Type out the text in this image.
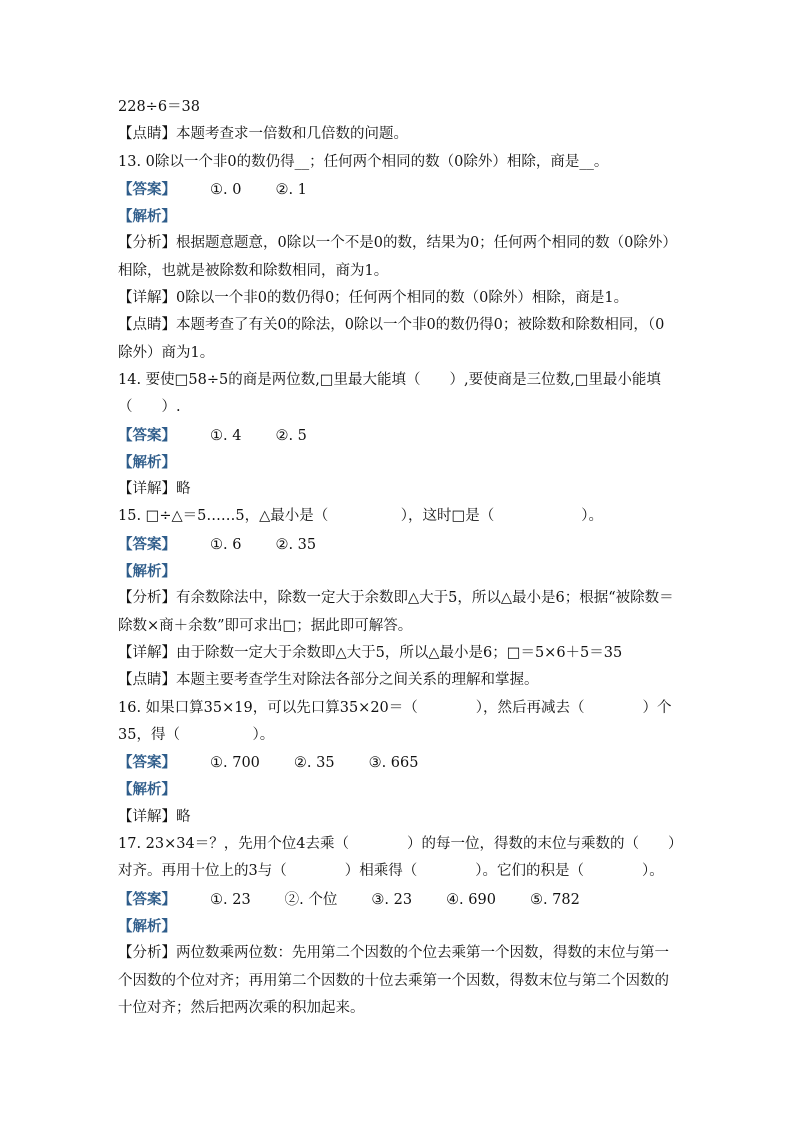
228÷6＝38
【点睛】本题考查求一倍数和几倍数的问题。
13. 0除以一个非0的数仍得__；任何两个相同的数（0除外）相除，商是__。
【答案】 ①. 0 ②. 1
【解析】
【分析】根据题意题意，0除以一个不是0的数，结果为0；任何两个相同的数（0除外）相除，也就是被除数和除数相同，商为1。
【详解】0除以一个非0的数仍得0；任何两个相同的数（0除外）相除，商是1。
【点睛】本题考查了有关0的除法，0除以一个非0的数仍得0；被除数和除数相同，（0除外）商为1。
14. 要使□58÷5的商是两位数,□里最大能填（　　）,要使商是三位数,□里最小能填（　　）.
【答案】 ①. 4 ②. 5
【解析】
【详解】略
15. □÷△＝5……5，△最小是（　　　　　），这时□是（　　　　　　）。
【答案】 ①. 6 ②. 35
【解析】
【分析】有余数除法中，除数一定大于余数即△大于5，所以△最小是6；根据“被除数＝除数×商＋余数”即可求出□；据此即可解答。
【详解】由于除数一定大于余数即△大于5，所以△最小是6；□＝5×6＋5＝35
【点睛】本题主要考查学生对除法各部分之间关系的理解和掌握。
16. 如果口算35×19，可以先口算35×20＝（　　　　），然后再减去（　　　　）个35，得（　　　　　）。
【答案】 ①. 700 ②. 35 ③. 665
【解析】
【详解】略
17. 23×34＝？，先用个位4去乘（　　　　）的每一位，得数的末位与乘数的（　　）对齐。再用十位上的3与（　　　　）相乘得（　　　　）。它们的积是（　　　　）。
【答案】 ①. 23 ②. 个位 ③. 23 ④. 690 ⑤. 782
【解析】
【分析】两位数乘两位数：先用第二个因数的个位去乘第一个因数，得数的末位与第一个因数的个位对齐；再用第二个因数的十位去乘第一个因数，得数末位与第二个因数的十位对齐；然后把两次乘的积加起来。
